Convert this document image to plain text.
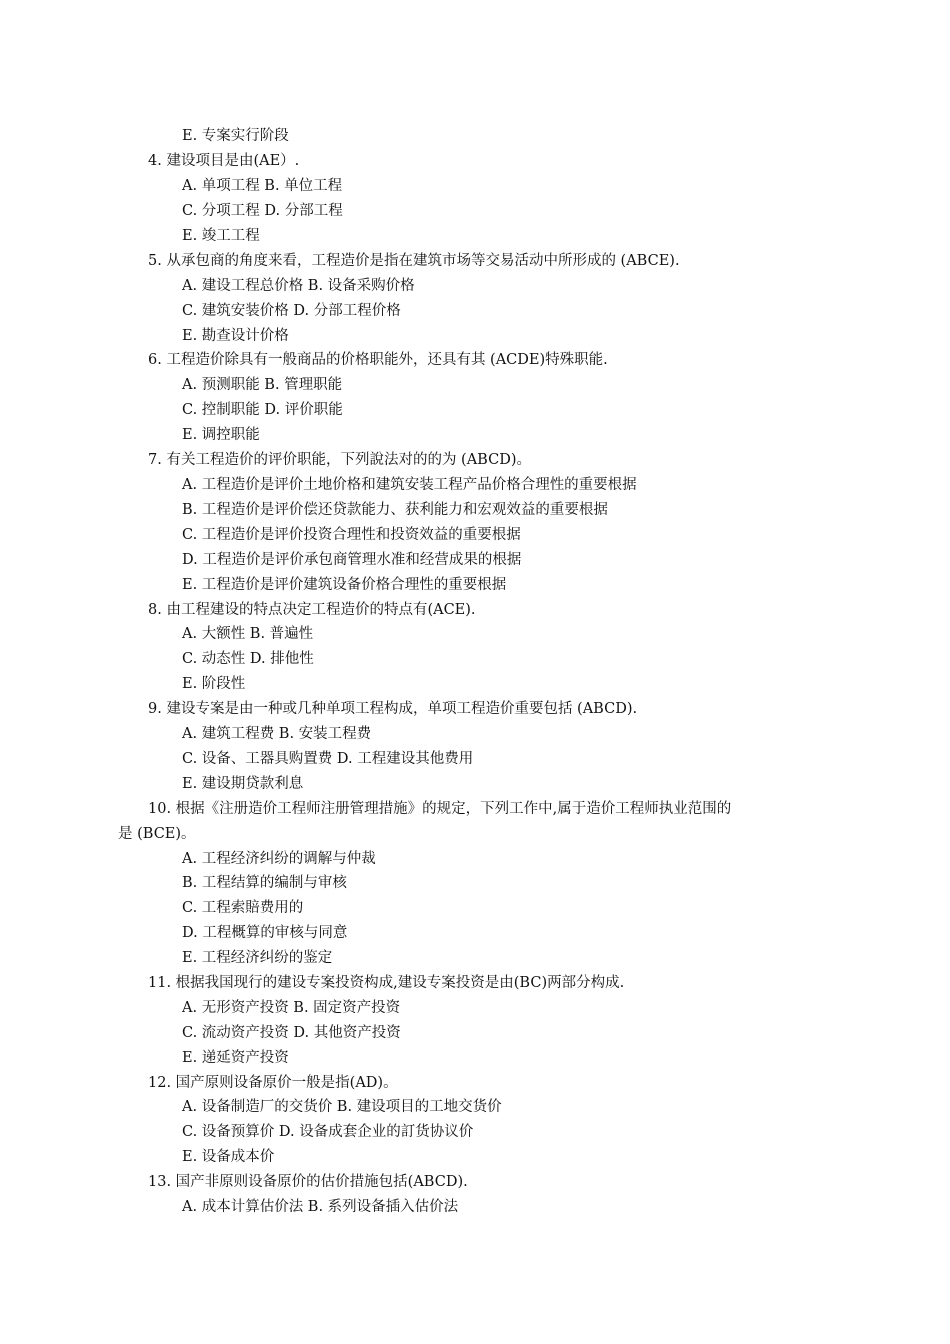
E. 专案实行阶段
4. 建设项目是由(AE）.
A. 单项工程 B. 单位工程
C. 分项工程 D. 分部工程
E. 竣工工程
5. 从承包商的角度来看，工程造价是指在建筑市场等交易活动中所形成的 (ABCE).
A. 建设工程总价格 B. 设备采购价格
C. 建筑安装价格 D. 分部工程价格
E. 勘查设计价格
6. 工程造价除具有一般商品的价格职能外，还具有其 (ACDE)特殊职能.
A. 预测职能 B. 管理职能
C. 控制职能 D. 评价职能
E. 调控职能
7. 有关工程造价的评价职能，下列說法对的的为 (ABCD)。
A. 工程造价是评价土地价格和建筑安装工程产品价格合理性的重要根据
B. 工程造价是评价偿还贷款能力、获利能力和宏观效益的重要根据
C. 工程造价是评价投资合理性和投资效益的重要根据
D. 工程造价是评价承包商管理水准和经营成果的根据
E. 工程造价是评价建筑设备价格合理性的重要根据
8. 由工程建设的特点决定工程造价的特点有(ACE).
A. 大额性 B. 普遍性
C. 动态性 D. 排他性
E. 阶段性
9. 建设专案是由一种或几种单项工程构成，单项工程造价重要包括 (ABCD).
A. 建筑工程费 B. 安装工程费
C. 设备、工器具购置费 D. 工程建设其他费用
E. 建设期贷款利息
10. 根据《注册造价工程师注册管理措施》的规定，下列工作中,属于造价工程师执业范围的
是 (BCE)。
A. 工程经济纠纷的调解与仲裁
B. 工程结算的编制与审核
C. 工程索賠费用的
D. 工程概算的审核与同意
E. 工程经济纠纷的鉴定
11. 根据我国现行的建设专案投资构成,建设专案投资是由(BC)两部分构成.
A. 无形资产投资 B. 固定资产投资
C. 流动资产投资 D. 其他资产投资
E. 递延资产投资
12. 国产原则设备原价一般是指(AD)。
A. 设备制造厂的交货价 B. 建设项目的工地交货价
C. 设备预算价 D. 设备成套企业的訂货协议价
E. 设备成本价
13. 国产非原则设备原价的估价措施包括(ABCD).
A. 成本计算估价法 B. 系列设备插入估价法
